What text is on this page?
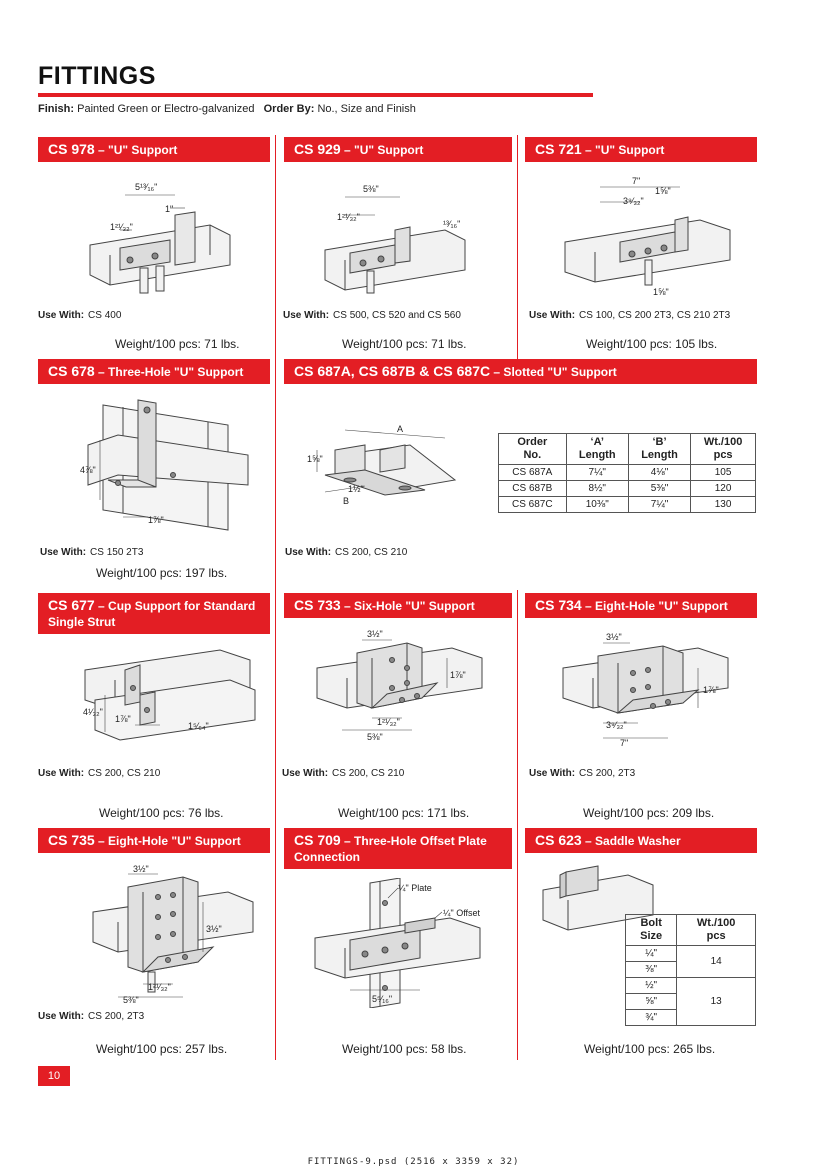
FITTINGS
Finish: Painted Green or Electro-galvanized Order By: No., Size and Finish
CS 978 – "U" Support
5¹³⁄₁₆"
1"
1²¹⁄₃₂"
Use With: CS 400
Weight/100 pcs: 71 lbs.
CS 929 – "U" Support
5⅜"
1²¹⁄₃₂"
¹³⁄₁₆"
Use With: CS 500, CS 520 and CS 560
Weight/100 pcs: 71 lbs.
CS 721 – "U" Support
7"
1⅝"
3⁹⁄₃₂"
1⅝"
Use With: CS 100, CS 200 2T3, CS 210 2T3
Weight/100 pcs: 105 lbs.
CS 678 – Three-Hole "U" Support
4⅞"
1⅞"
Use With: CS 150 2T3
Weight/100 pcs: 197 lbs.
CS 687A, CS 687B & CS 687C – Slotted "U" Support
A
1⅝"
1½"
B
Order
No.	‘A’
Length	‘B’
Length	Wt./100
pcs
CS 687A	7¼"	4⅛"	105
CS 687B	8½"	5⅜"	120
CS 687C	10⅜"	7¼"	130
Use With: CS 200, CS 210
CS 677 – Cup Support for Standard
Single Strut
4¹⁄₃₂"
1⅞"
1⁵⁄₆₄"
Use With: CS 200, CS 210
Weight/100 pcs: 76 lbs.
CS 733 – Six-Hole "U" Support
3½"
1⅞"
1²¹⁄₃₂"
5⅜"
Use With: CS 200, CS 210
Weight/100 pcs: 171 lbs.
CS 734 – Eight-Hole "U" Support
3½"
1⅞"
3⁹⁄₃₂"
7"
Use With: CS 200, 2T3
Weight/100 pcs: 209 lbs.
CS 735 – Eight-Hole "U" Support
3½"
3½"
1²¹⁄₃₂"
5⅜"
Use With: CS 200, 2T3
Weight/100 pcs: 257 lbs.
CS 709 – Three-Hole Offset Plate
Connection
¼" Plate
¼" Offset
5⁵⁄₁₆"
Weight/100 pcs: 58 lbs.
CS 623 – Saddle Washer
Bolt
Size	Wt./100
pcs
¼"	14
⅜"	
½"	13
⅝"	
¾"	
Weight/100 pcs: 265 lbs.
10
FITTINGS-9.psd (2516 x 3359 x 32)
